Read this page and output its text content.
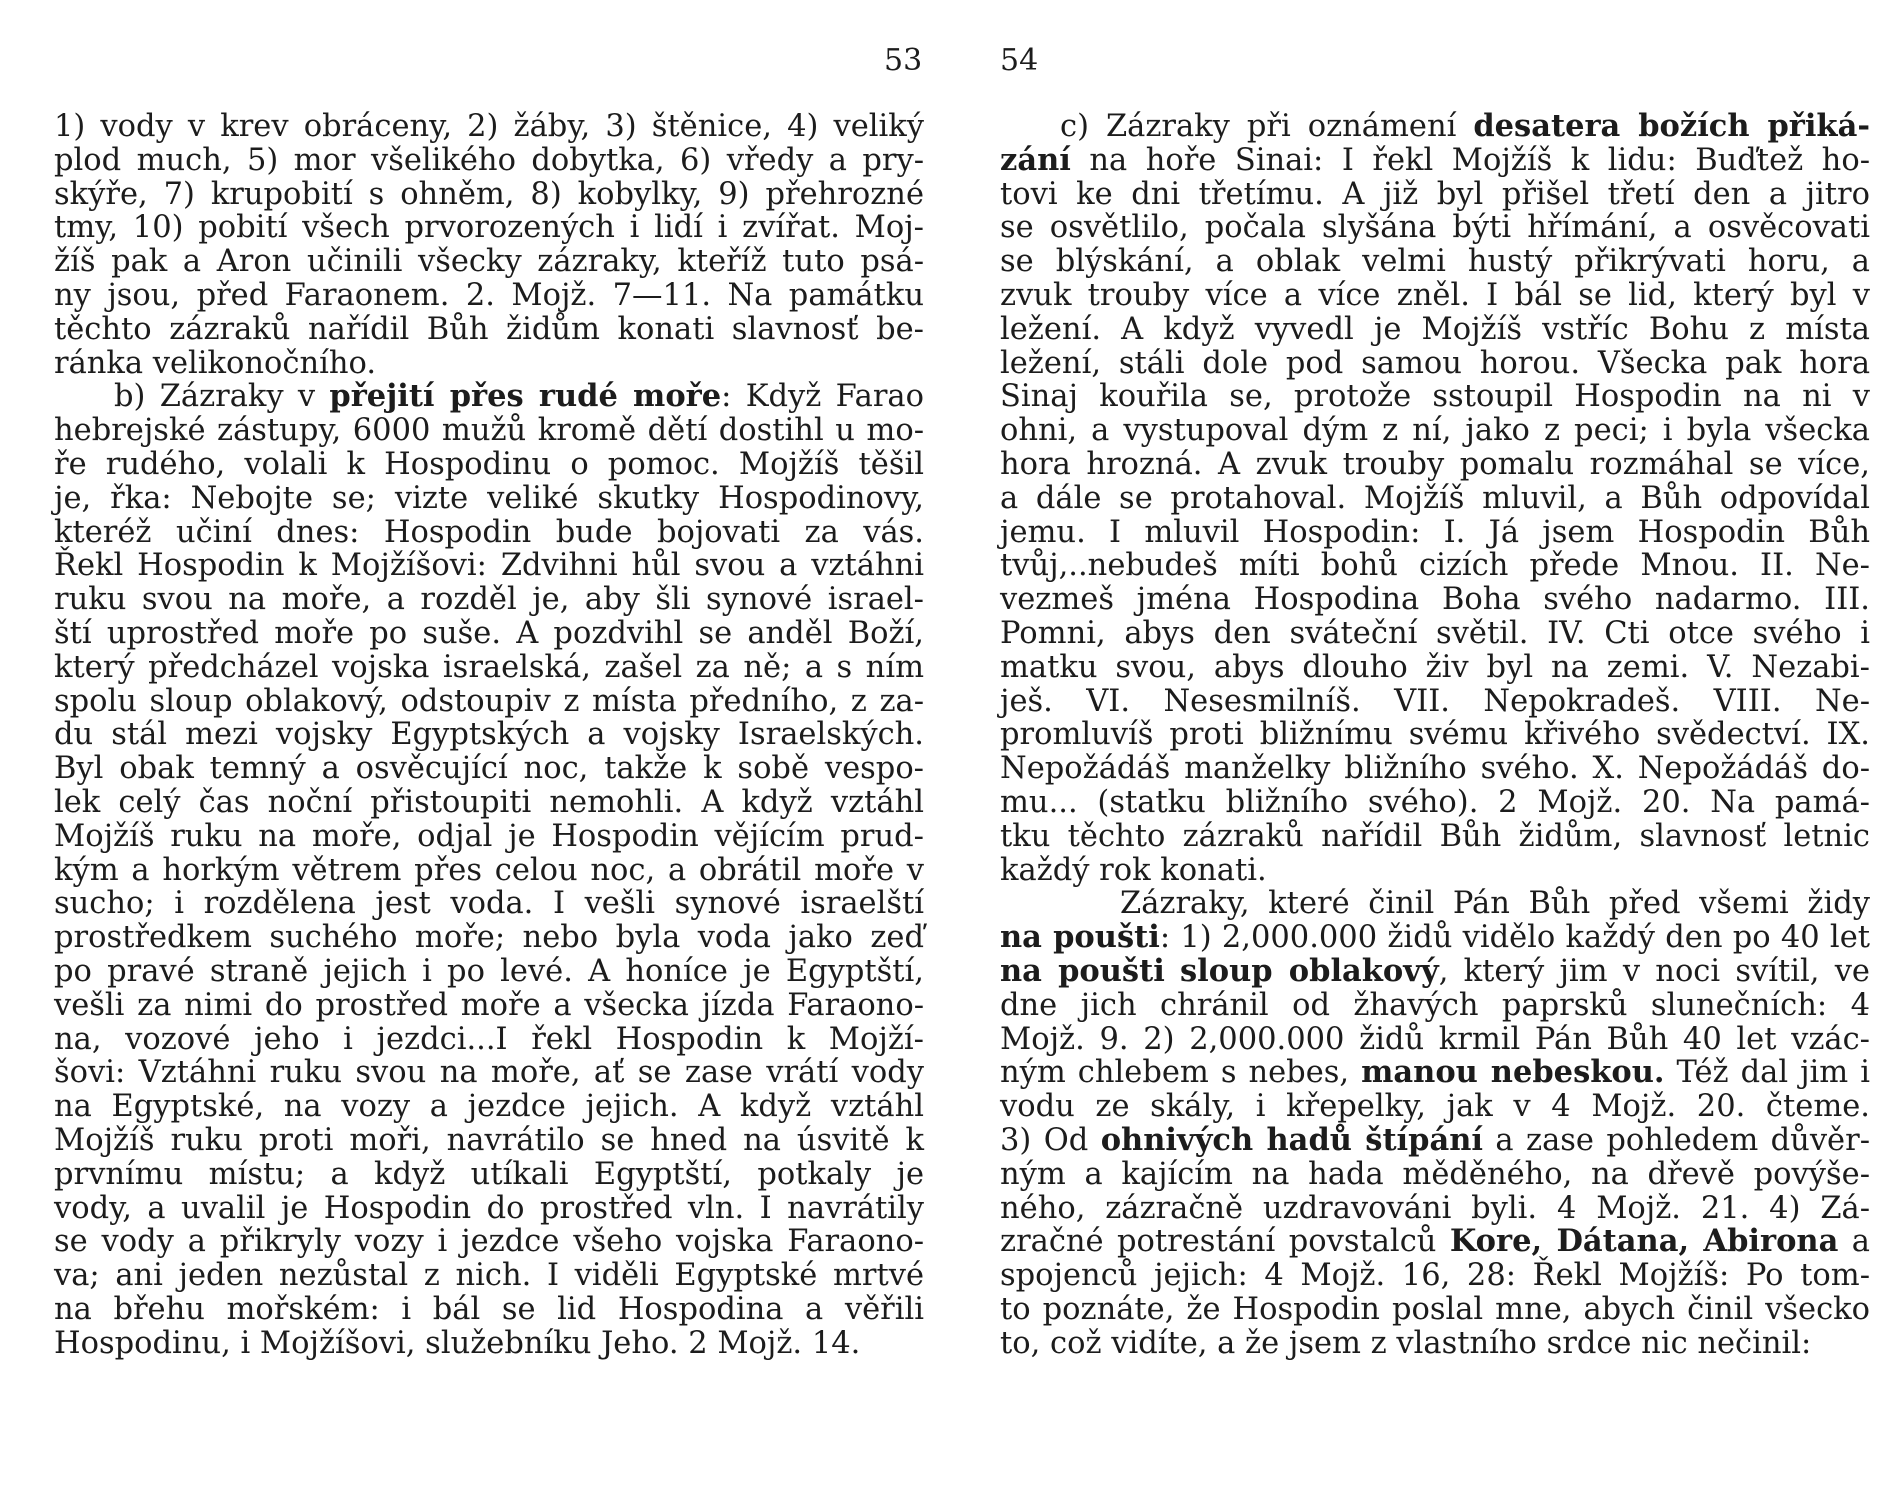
53
1) vody v krev obráceny, 2) žáby, 3) štěnice, 4) veliký
plod much, 5) mor všelikého dobytka, 6) vředy a pry-
skýře, 7) krupobití s ohněm, 8) kobylky, 9) přehrozné
tmy, 10) pobití všech prvorozených i lidí i zvířat. Moj-
žíš pak a Aron učinili všecky zázraky, kteříž tuto psá-
ny jsou, před Faraonem. 2. Mojž. 7—11. Na památku
těchto zázraků nařídil Bůh židům konati slavnosť be-
ránka velikonočního.
b) Zázraky v přejití přes rudé moře: Když Farao
hebrejské zástupy, 6000 mužů kromě dětí dostihl u mo-
ře rudého, volali k Hospodinu o pomoc. Mojžíš těšil
je, řka: Nebojte se; vizte veliké skutky Hospodinovy,
kteréž učiní dnes: Hospodin bude bojovati za vás.
Řekl Hospodin k Mojžíšovi: Zdvihni hůl svou a vztáhni
ruku svou na moře, a rozděl je, aby šli synové israel-
ští uprostřed moře po suše. A pozdvihl se anděl Boží,
který předcházel vojska israelská, zašel za ně; a s ním
spolu sloup oblakový, odstoupiv z místa předního, z za-
du stál mezi vojsky Egyptských a vojsky Israelských.
Byl obak temný a osvěcující noc, takže k sobě vespo-
lek celý čas noční přistoupiti nemohli. A když vztáhl
Mojžíš ruku na moře, odjal je Hospodin vějícím prud-
kým a horkým větrem přes celou noc, a obrátil moře v
sucho; i rozdělena jest voda. I vešli synové israelští
prostředkem suchého moře; nebo byla voda jako zeď
po pravé straně jejich i po levé. A honíce je Egyptští,
vešli za nimi do prostřed moře a všecka jízda Faraono-
na, vozové jeho i jezdci...I řekl Hospodin k Mojží-
šovi: Vztáhni ruku svou na moře, ať se zase vrátí vody
na Egyptské, na vozy a jezdce jejich. A když vztáhl
Mojžíš ruku proti moři, navrátilo se hned na úsvitě k
prvnímu místu; a když utíkali Egyptští, potkaly je
vody, a uvalil je Hospodin do prostřed vln. I navrátily
se vody a přikryly vozy i jezdce všeho vojska Faraono-
va; ani jeden nezůstal z nich. I viděli Egyptské mrtvé
na břehu mořském: i bál se lid Hospodina a věřili
Hospodinu, i Mojžíšovi, služebníku Jeho. 2 Mojž. 14.
54
c) Zázraky při oznámení desatera božích přiká-
zání na hoře Sinai: I řekl Mojžíš k lidu: Buďtež ho-
tovi ke dni třetímu. A již byl přišel třetí den a jitro
se osvětlilo, počala slyšána býti hřímání, a osvěcovati
se blýskání, a oblak velmi hustý přikrývati horu, a
zvuk trouby více a více zněl. I bál se lid, který byl v
ležení. A když vyvedl je Mojžíš vstříc Bohu z místa
ležení, stáli dole pod samou horou. Všecka pak hora
Sinaj kouřila se, protože sstoupil Hospodin na ni v
ohni, a vystupoval dým z ní, jako z peci; i byla všecka
hora hrozná. A zvuk trouby pomalu rozmáhal se více,
a dále se protahoval. Mojžíš mluvil, a Bůh odpovídal
jemu. I mluvil Hospodin: I. Já jsem Hospodin Bůh
tvůj,..nebudeš míti bohů cizích přede Mnou. II. Ne-
vezmeš jména Hospodina Boha svého nadarmo. III.
Pomni, abys den sváteční světil. IV. Cti otce svého i
matku svou, abys dlouho živ byl na zemi. V. Nezabi-
ješ. VI. Nesesmilníš. VII. Nepokradeš. VIII. Ne-
promluvíš proti bližnímu svému křivého svědectví. IX.
Nepožádáš manželky bližního svého. X. Nepožádáš do-
mu... (statku bližního svého). 2 Mojž. 20. Na pamá-
tku těchto zázraků nařídil Bůh židům, slavnosť letnic
každý rok konati.
Zázraky, které činil Pán Bůh před všemi židy
na poušti: 1) 2,000.000 židů vidělo každý den po 40 let
na poušti sloup oblakový, který jim v noci svítil, ve
dne jich chránil od žhavých paprsků slunečních: 4
Mojž. 9. 2) 2,000.000 židů krmil Pán Bůh 40 let vzác-
ným chlebem s nebes, manou nebeskou. Též dal jim i
vodu ze skály, i křepelky, jak v 4 Mojž. 20. čteme.
3) Od ohnivých hadů štípání a zase pohledem důvěr-
ným a kajícím na hada měděného, na dřevě povýše-
ného, zázračně uzdravováni byli. 4 Mojž. 21. 4) Zá-
zračné potrestání povstalců Kore, Dátana, Abirona a
spojenců jejich: 4 Mojž. 16, 28: Řekl Mojžíš: Po tom-
to poznáte, že Hospodin poslal mne, abych činil všecko
to, což vidíte, a že jsem z vlastního srdce nic nečinil:
